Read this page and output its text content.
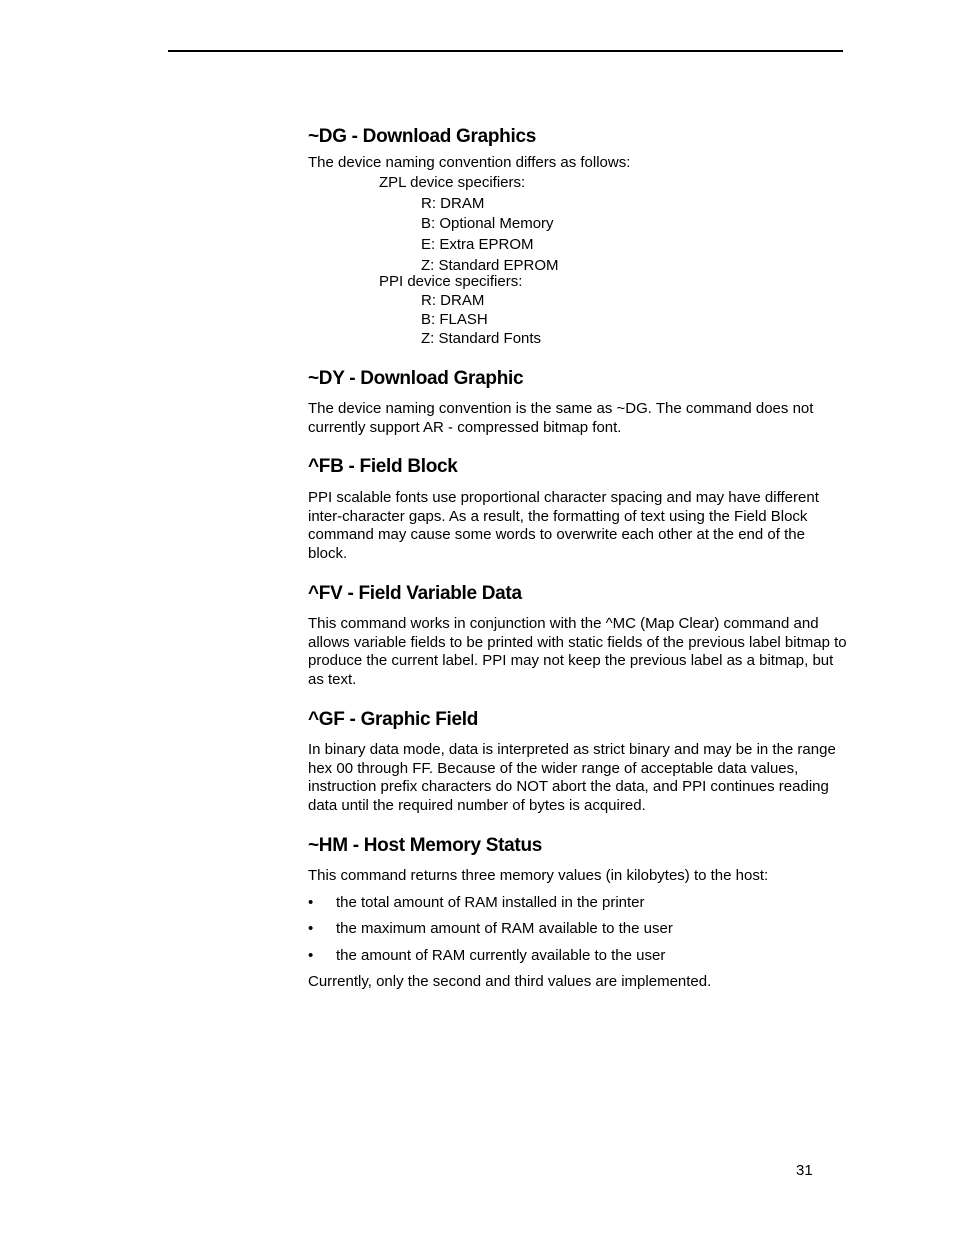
~DG - Download Graphics

The device naming convention differs as follows:

ZPL device specifiers:

R: DRAM

B: Optional Memory

E: Extra EPROM

Z: Standard EPROM

PPI device specifiers:

R: DRAM

B: FLASH

Z: Standard Fonts

~DY - Download Graphic

The device naming convention is the same as ~DG. The command does not currently support AR - compressed bitmap font.

^FB - Field Block

PPI scalable fonts use proportional character spacing and may have different inter-character gaps. As a result, the formatting of text using the Field Block command may cause some words to overwrite each other at the end of the block.

^FV - Field Variable Data

This command works in conjunction with the ^MC (Map Clear) command and allows variable fields to be printed with static fields of the previous label bitmap to produce the current label. PPI may not keep the previous label as a bitmap, but as text.

^GF - Graphic Field

In binary data mode, data is interpreted as strict binary and may be in the range hex 00 through FF. Because of the wider range of acceptable data values, instruction prefix characters do NOT abort the data, and PPI continues reading data until the required number of bytes is acquired.

~HM - Host Memory Status

This command returns three memory values (in kilobytes) to the host:

• the total amount of RAM installed in the printer
• the maximum amount of RAM available to the user
• the amount of RAM currently available to the user

Currently, only the second and third values are implemented.

31
